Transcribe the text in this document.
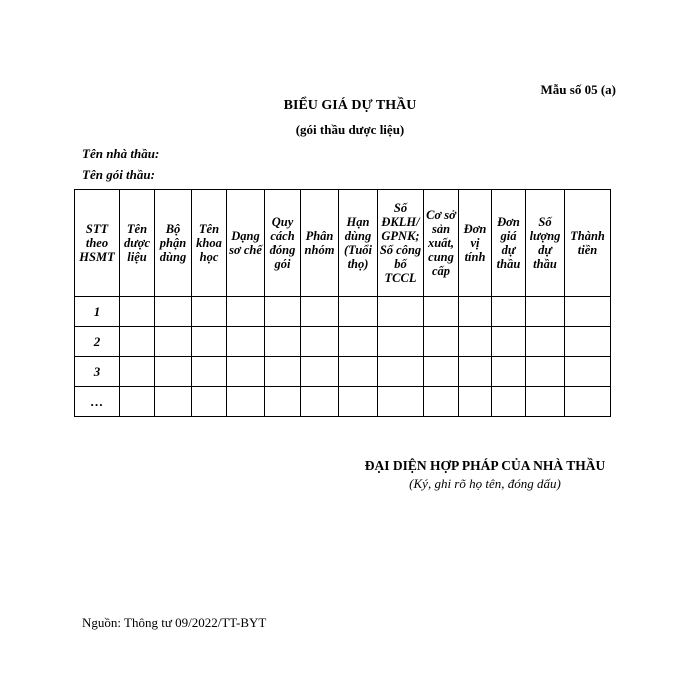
Mẫu số 05 (a)
BIỂU GIÁ DỰ THẦU
(gói thầu dược liệu)
Tên nhà thầu:
Tên gói thầu:
STT theo HSMT	Tên dược liệu	Bộ phận dùng	Tên khoa học	Dạng sơ chế	Quy cách đóng gói	Phân nhóm	Hạn dùng (Tuổi thọ)	Số ĐKLH/ GPNK; Số công bố TCCL	Cơ sở sản xuất, cung cấp	Đơn vị tính	Đơn giá dự thầu	Số lượng dự thầu	Thành tiền
1													
2													
3													
…													
ĐẠI DIỆN HỢP PHÁP CỦA NHÀ THẦU
(Ký, ghi rõ họ tên, đóng dấu)
Nguồn: Thông tư 09/2022/TT-BYT
